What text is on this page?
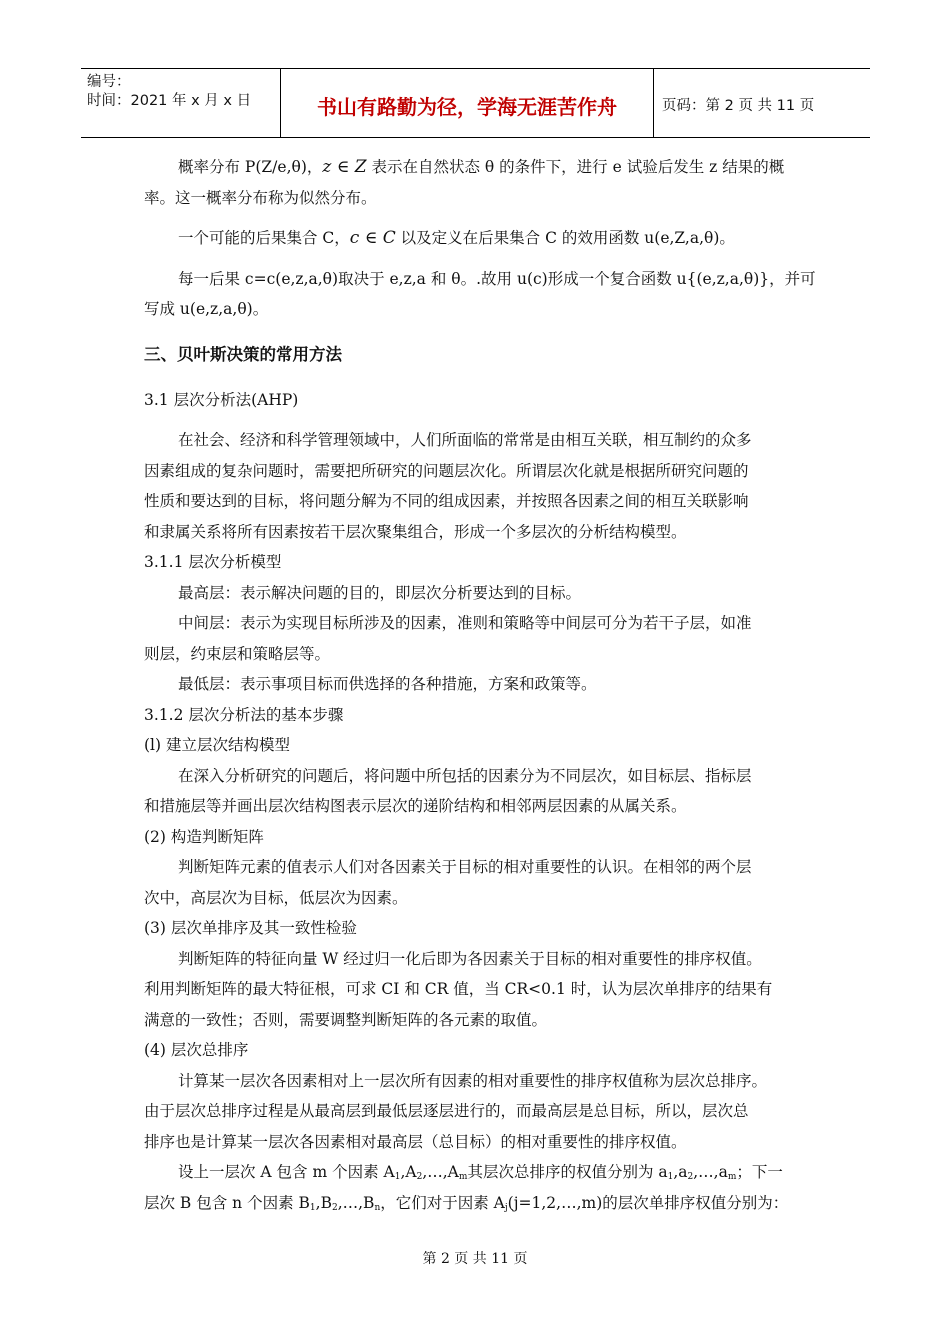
编号：
时间：2021 年 x 月 x 日	书山有路勤为径，学海无涯苦作舟	页码：第 2 页 共 11 页
概率分布 P(Z/e,θ)，z ∈ Z 表示在自然状态 θ 的条件下，进行 e 试验后发生 z 结果的概
率。这一概率分布称为似然分布。
一个可能的后果集合 C，c ∈ C 以及定义在后果集合 C 的效用函数 u(e,Z,a,θ)。
每一后果 c=c(e,z,a,θ)取决于 e,z,a 和 θ。.故用 u(c)形成一个复合函数 u{(e,z,a,θ)}，并可
写成 u(e,z,a,θ)。
三、贝叶斯决策的常用方法
3.1 层次分析法(AHP)
在社会、经济和科学管理领域中，人们所面临的常常是由相互关联，相互制约的众多
因素组成的复杂问题时，需要把所研究的问题层次化。所谓层次化就是根据所研究问题的
性质和要达到的目标，将问题分解为不同的组成因素，并按照各因素之间的相互关联影响
和隶属关系将所有因素按若干层次聚集组合，形成一个多层次的分析结构模型。
3.1.1 层次分析模型
最高层：表示解决问题的目的，即层次分析要达到的目标。
中间层：表示为实现目标所涉及的因素，准则和策略等中间层可分为若干子层，如准
则层，约束层和策略层等。
最低层：表示事项目标而供选择的各种措施，方案和政策等。
3.1.2 层次分析法的基本步骤
(l) 建立层次结构模型
在深入分析研究的问题后，将问题中所包括的因素分为不同层次，如目标层、指标层
和措施层等并画出层次结构图表示层次的递阶结构和相邻两层因素的从属关系。
(2) 构造判断矩阵
判断矩阵元素的值表示人们对各因素关于目标的相对重要性的认识。在相邻的两个层
次中，高层次为目标，低层次为因素。
(3) 层次单排序及其一致性检验
判断矩阵的特征向量 W 经过归一化后即为各因素关于目标的相对重要性的排序权值。
利用判断矩阵的最大特征根，可求 CI 和 CR 值，当 CR<0.1 时，认为层次单排序的结果有
满意的一致性；否则，需要调整判断矩阵的各元素的取值。
(4) 层次总排序
计算某一层次各因素相对上一层次所有因素的相对重要性的排序权值称为层次总排序。
由于层次总排序过程是从最高层到最低层逐层进行的，而最高层是总目标，所以，层次总
排序也是计算某一层次各因素相对最高层（总目标）的相对重要性的排序权值。
设上一层次 A 包含 m 个因素 $A_1,A_2,\dots,A_m$其层次总排序的权值分别为 $a_1,a_2,\dots,a_m$；下一
层次 B 包含 n 个因素 $B_1,B_2,\dots,B_n$，它们对于因素 $A_j(j=1,2,\dots,m)$的层次单排序权值分别为：
第 2 页 共 11 页
